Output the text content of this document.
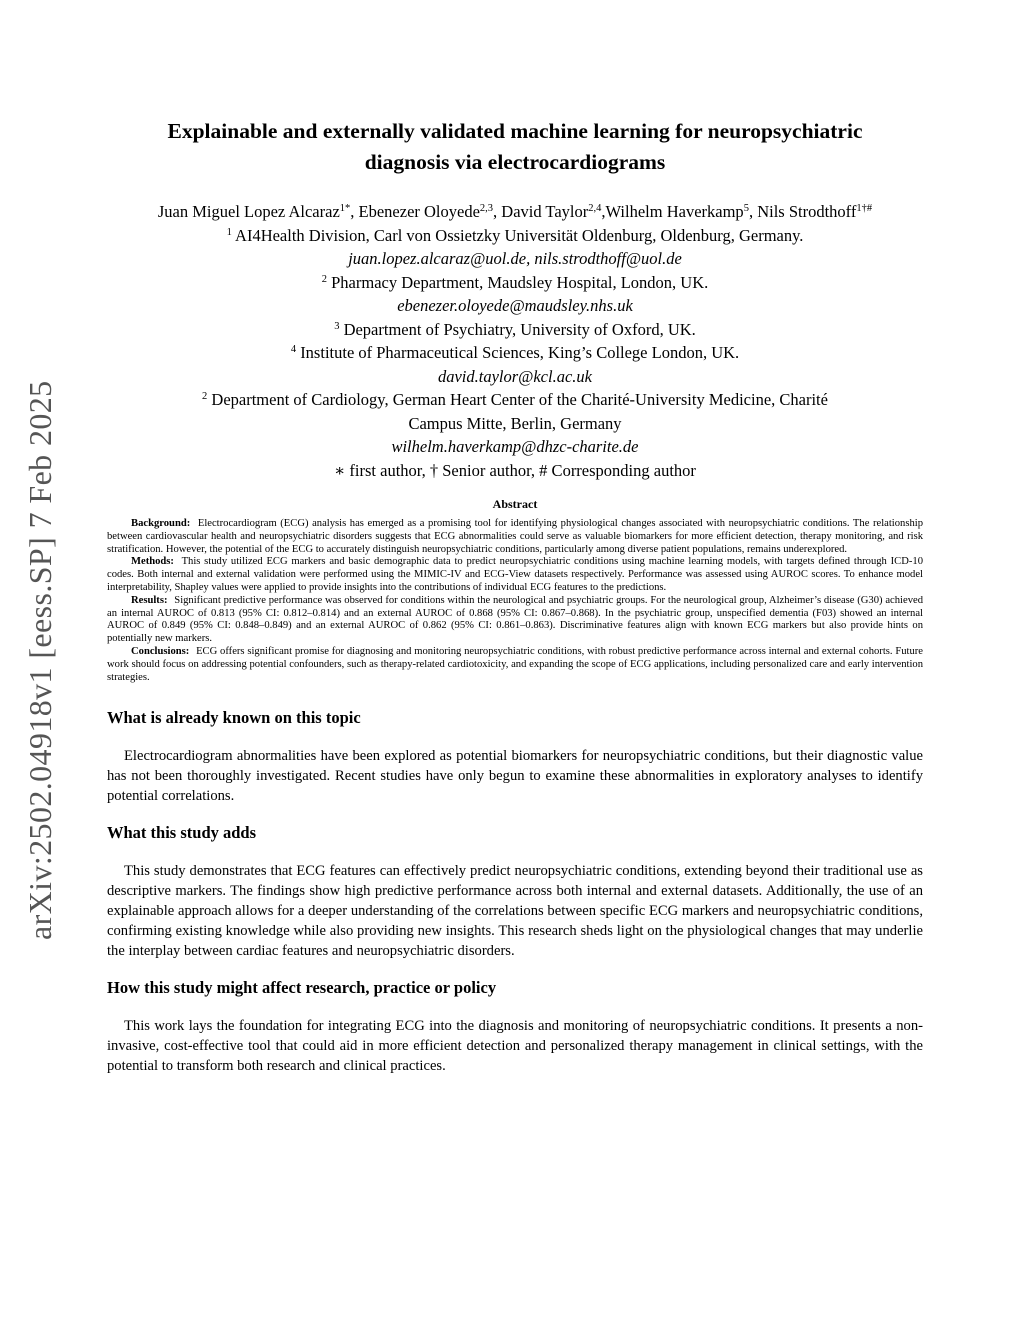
arXiv:2502.04918v1 [eess.SP] 7 Feb 2025
Explainable and externally validated machine learning for neuropsychiatric
diagnosis via electrocardiograms
Juan Miguel Lopez Alcaraz$^{1*}$, Ebenezer Oloyede$^{2,3}$, David Taylor$^{2,4}$,Wilhelm Haverkamp$^5$, Nils Strodthoff$^{1\dagger\#}$
$^1$ AI4Health Division, Carl von Ossietzky Universität Oldenburg, Oldenburg, Germany.
juan.lopez.alcaraz@uol.de, nils.strodthoff@uol.de
$^2$ Pharmacy Department, Maudsley Hospital, London, UK.
ebenezer.oloyede@maudsley.nhs.uk
$^3$ Department of Psychiatry, University of Oxford, UK.
$^4$ Institute of Pharmaceutical Sciences, King’s College London, UK.
david.taylor@kcl.ac.uk
$^2$ Department of Cardiology, German Heart Center of the Charité-University Medicine, Charité
Campus Mitte, Berlin, Germany
wilhelm.haverkamp@dhzc-charite.de
∗ first author, † Senior author, # Corresponding author
Abstract

Background: Electrocardiogram (ECG) analysis has emerged as a promising tool for identifying physiological changes associated with neuropsychiatric conditions. The relationship between cardiovascular health and neuropsychiatric disorders suggests that ECG abnormalities could serve as valuable biomarkers for more efficient detection, therapy monitoring, and risk stratification. However, the potential of the ECG to accurately distinguish neuropsychiatric conditions, particularly among diverse patient populations, remains underexplored.

Methods: This study utilized ECG markers and basic demographic data to predict neuropsychiatric conditions using machine learning models, with targets defined through ICD-10 codes. Both internal and external validation were performed using the MIMIC-IV and ECG-View datasets respectively. Performance was assessed using AUROC scores. To enhance model interpretability, Shapley values were applied to provide insights into the contributions of individual ECG features to the predictions.

Results: Significant predictive performance was observed for conditions within the neurological and psychiatric groups. For the neurological group, Alzheimer’s disease (G30) achieved an internal AUROC of 0.813 (95% CI: 0.812–0.814) and an external AUROC of 0.868 (95% CI: 0.867–0.868). In the psychiatric group, unspecified dementia (F03) showed an internal AUROC of 0.849 (95% CI: 0.848–0.849) and an external AUROC of 0.862 (95% CI: 0.861–0.863). Discriminative features align with known ECG markers but also provide hints on potentially new markers.

Conclusions: ECG offers significant promise for diagnosing and monitoring neuropsychiatric conditions, with robust predictive performance across internal and external cohorts. Future work should focus on addressing potential confounders, such as therapy-related cardiotoxicity, and expanding the scope of ECG applications, including personalized care and early intervention strategies.

What is already known on this topic

Electrocardiogram abnormalities have been explored as potential biomarkers for neuropsychiatric conditions, but their diagnostic value has not been thoroughly investigated. Recent studies have only begun to examine these abnormalities in exploratory analyses to identify potential correlations.

What this study adds

This study demonstrates that ECG features can effectively predict neuropsychiatric conditions, extending beyond their traditional use as descriptive markers. The findings show high predictive performance across both internal and external datasets. Additionally, the use of an explainable approach allows for a deeper understanding of the correlations between specific ECG markers and neuropsychiatric conditions, confirming existing knowledge while also providing new insights. This research sheds light on the physiological changes that may underlie the interplay between cardiac features and neuropsychiatric disorders.

How this study might affect research, practice or policy

This work lays the foundation for integrating ECG into the diagnosis and monitoring of neuropsychiatric conditions. It presents a non-invasive, cost-effective tool that could aid in more efficient detection and personalized therapy management in clinical settings, with the potential to transform both research and clinical practices.
